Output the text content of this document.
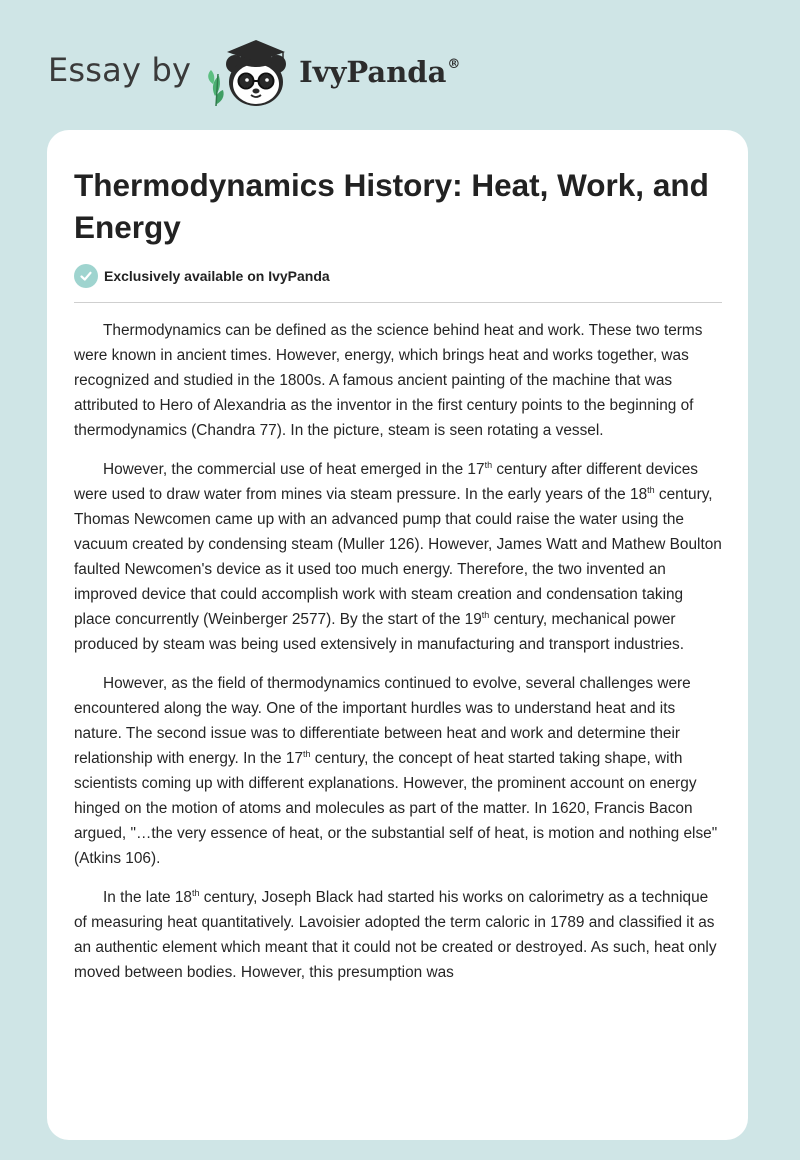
Essay by	IvyPanda®
Thermodynamics History: Heat, Work, and Energy
Exclusively available on IvyPanda

Thermodynamics can be defined as the science behind heat and work. These two terms were known in ancient times. However, energy, which brings heat and works together, was recognized and studied in the 1800s. A famous ancient painting of the machine that was attributed to Hero of Alexandria as the inventor in the first century points to the beginning of thermodynamics (Chandra 77). In the picture, steam is seen rotating a vessel.

However, the commercial use of heat emerged in the 17th century after different devices were used to draw water from mines via steam pressure. In the early years of the 18th century, Thomas Newcomen came up with an advanced pump that could raise the water using the vacuum created by condensing steam (Muller 126). However, James Watt and Mathew Boulton faulted Newcomen's device as it used too much energy. Therefore, the two invented an improved device that could accomplish work with steam creation and condensation taking place concurrently (Weinberger 2577). By the start of the 19th century, mechanical power produced by steam was being used extensively in manufacturing and transport industries.

However, as the field of thermodynamics continued to evolve, several challenges were encountered along the way. One of the important hurdles was to understand heat and its nature. The second issue was to differentiate between heat and work and determine their relationship with energy. In the 17th century, the concept of heat started taking shape, with scientists coming up with different explanations. However, the prominent account on energy hinged on the motion of atoms and molecules as part of the matter. In 1620, Francis Bacon argued, "…the very essence of heat, or the substantial self of heat, is motion and nothing else" (Atkins 106).

In the late 18th century, Joseph Black had started his works on calorimetry as a technique of measuring heat quantitatively. Lavoisier adopted the term caloric in 1789 and classified it as an authentic element which meant that it could not be created or destroyed. As such, heat only moved between bodies. However, this presumption was
